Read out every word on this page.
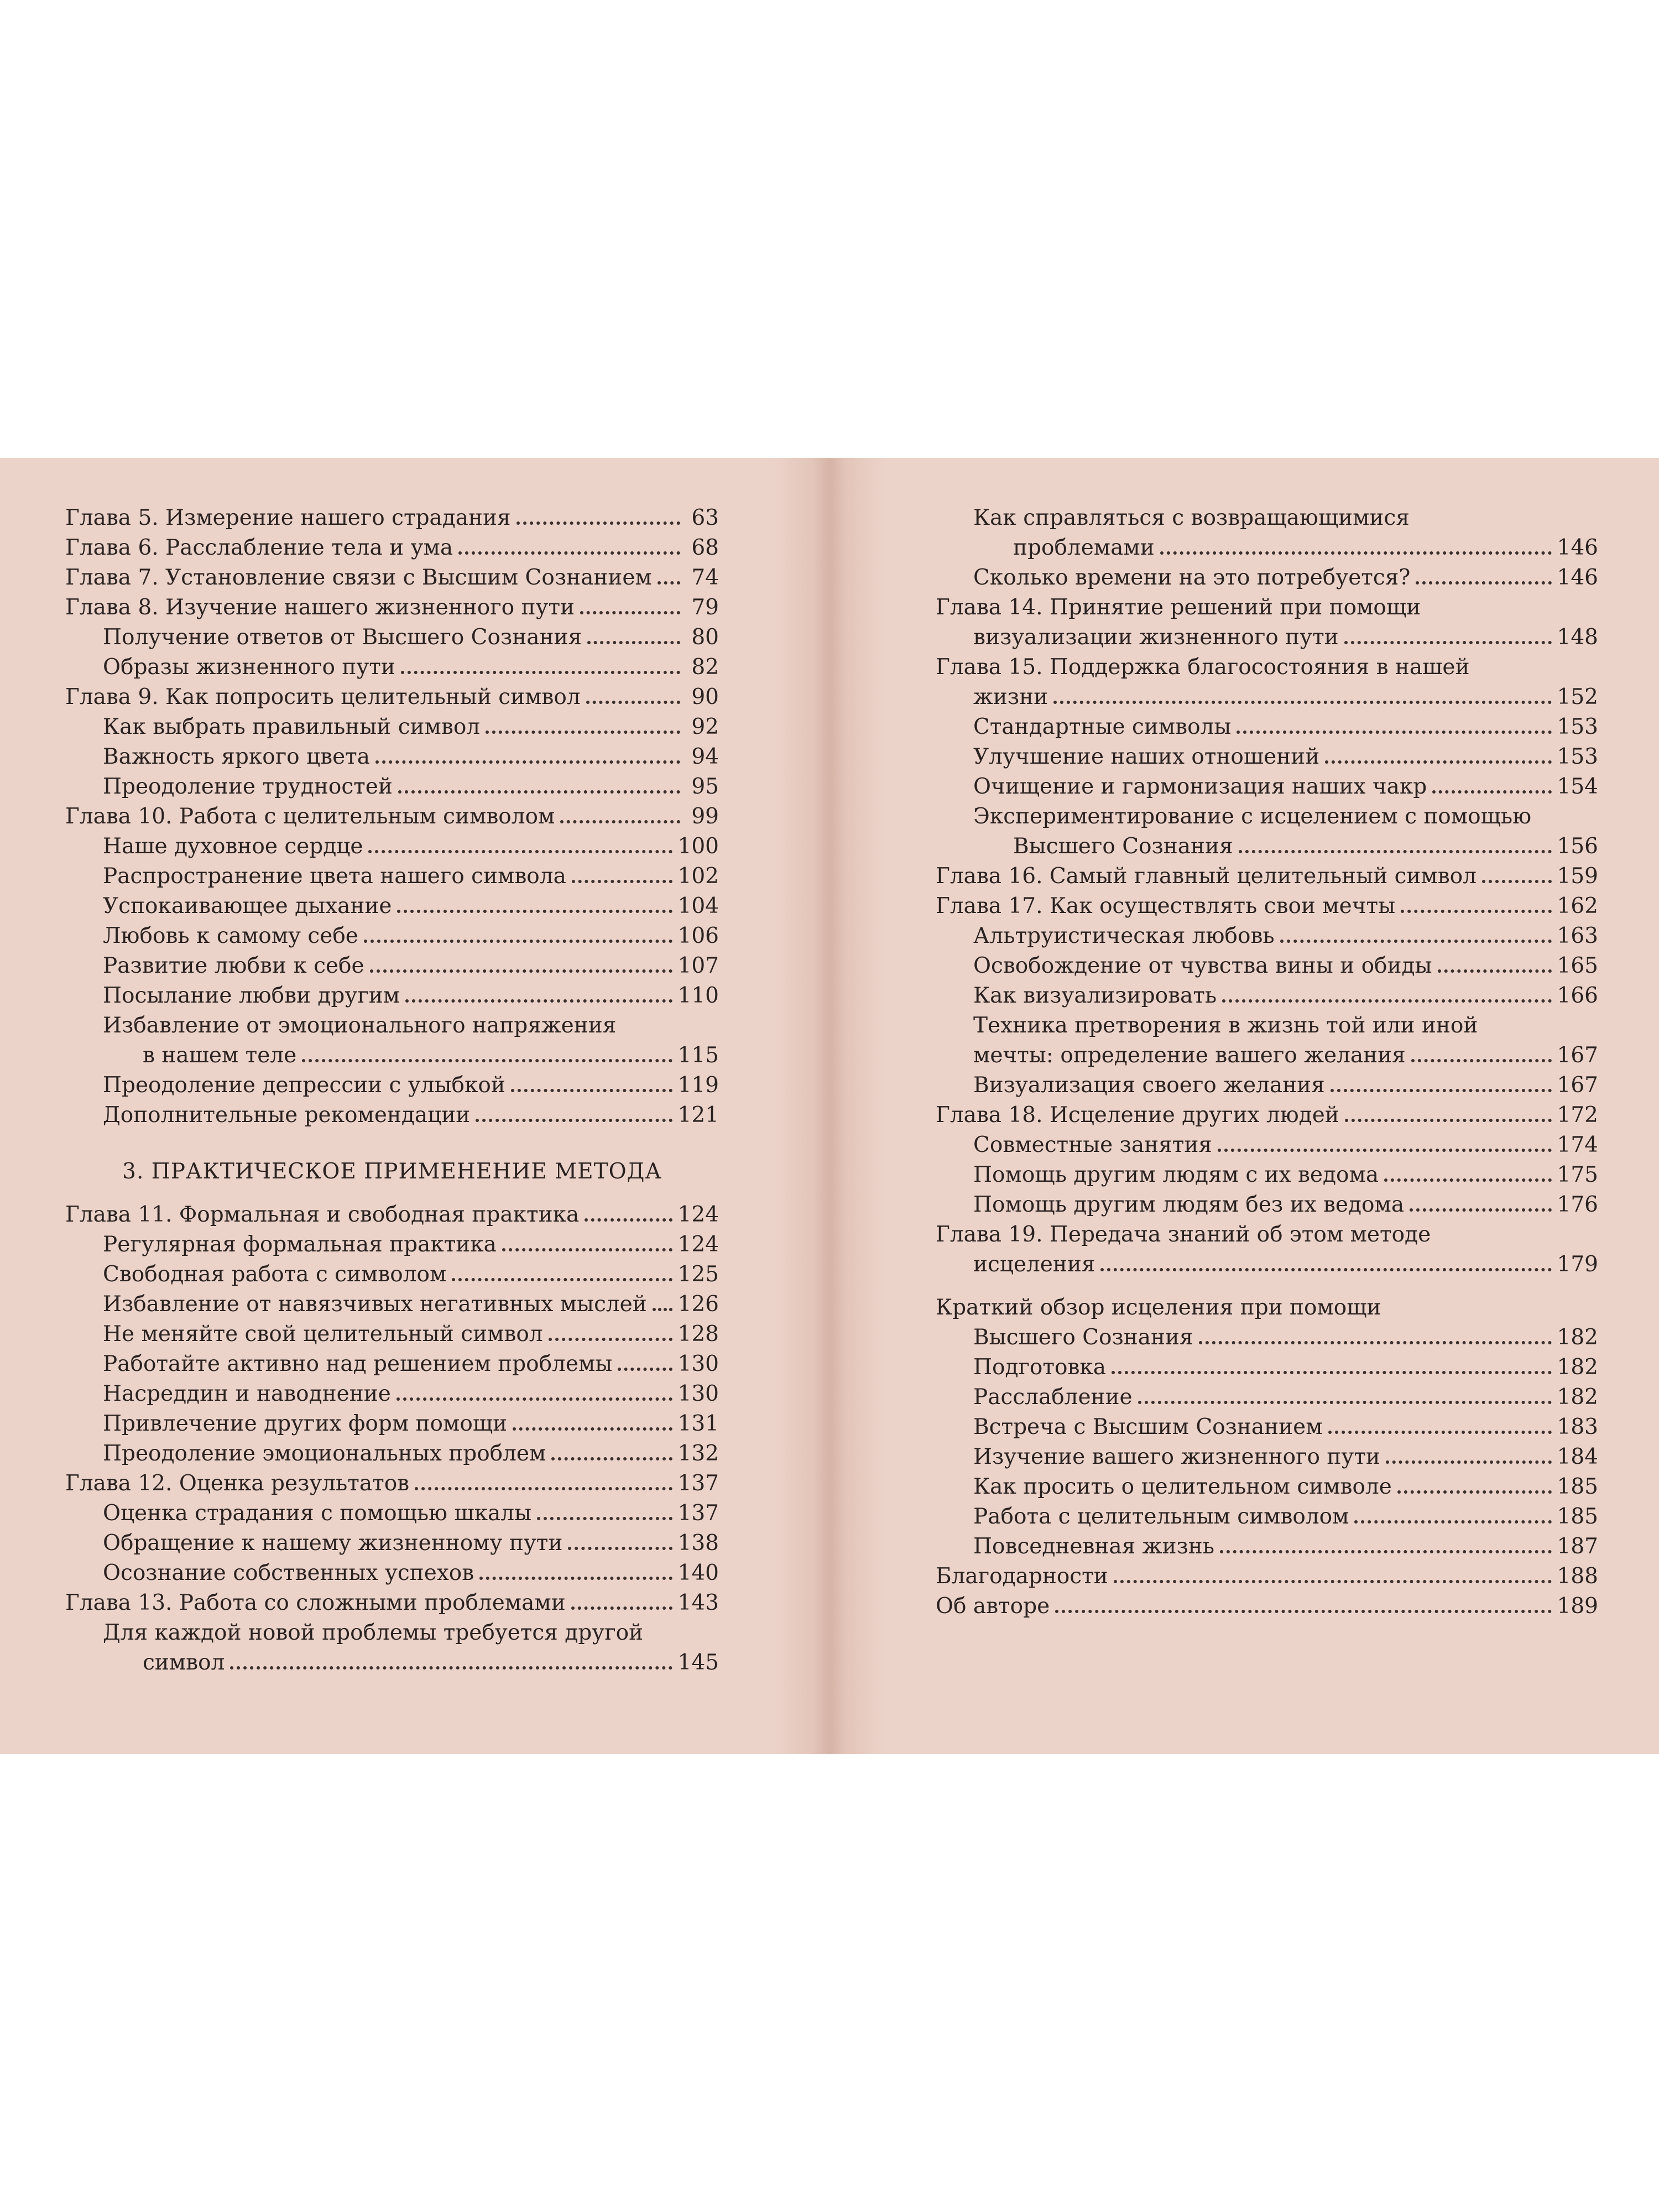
Глава 5. Измерение нашего страдания	63
Глава 6. Расслабление тела и ума	68
Глава 7. Установление связи с Высшим Сознанием 74
Глава 8. Изучение нашего жизненного пути	79
Получение ответов от Высшего Сознания	80
Образы жизненного пути	82
Глава 9. Как попросить целительный символ	90
Как выбрать правильный символ	92
Важность яркого цвета	94
Преодоление трудностей	95
Глава 10. Работа с целительным символом	99
Наше духовное сердце	100
Распространение цвета нашего символа	102
Успокаивающее дыхание	104
Любовь к самому себе	106
Развитие любви к себе	107
Посылание любви другим	110
Избавление от эмоционального напряжения
в нашем теле	115
Преодоление депрессии с улыбкой	119
Дополнительные рекомендации	121
3. ПРАКТИЧЕСКОЕ ПРИМЕНЕНИЕ МЕТОДА
Глава 11. Формальная и свободная практика	124
Регулярная формальная практика	124
Свободная работа с символом	125
Избавление от навязчивых негативных мыслей 126
Не меняйте свой целительный символ	128
Работайте активно над решением проблемы	130
Насреддин и наводнение	130
Привлечение других форм помощи	131
Преодоление эмоциональных проблем	132
Глава 12. Оценка результатов	137
Оценка страдания с помощью шкалы	137
Обращение к нашему жизненному пути	138
Осознание собственных успехов	140
Глава 13. Работа со сложными проблемами	143
Для каждой новой проблемы требуется другой
символ	145
Как справляться с возвращающимися
проблемами	146
Сколько времени на это потребуется?	146
Глава 14. Принятие решений при помощи
визуализации жизненного пути	148
Глава 15. Поддержка благосостояния в нашей
жизни	152
Стандартные символы	153
Улучшение наших отношений	153
Очищение и гармонизация наших чакр	154
Экспериментирование с исцелением с помощью
Высшего Сознания	156
Глава 16. Самый главный целительный символ	159
Глава 17. Как осуществлять свои мечты	162
Альтруистическая любовь	163
Освобождение от чувства вины и обиды	165
Как визуализировать	166
Техника претворения в жизнь той или иной
мечты: определение вашего желания	167
Визуализация своего желания	167
Глава 18. Исцеление других людей	172
Совместные занятия	174
Помощь другим людям с их ведома	175
Помощь другим людям без их ведома	176
Глава 19. Передача знаний об этом методе
исцеления	179
Краткий обзор исцеления при помощи
Высшего Сознания	182
Подготовка	182
Расслабление	182
Встреча с Высшим Сознанием	183
Изучение вашего жизненного пути	184
Как просить о целительном символе	185
Работа с целительным символом	185
Повседневная жизнь	187
Благодарности	188
Об авторе	189
